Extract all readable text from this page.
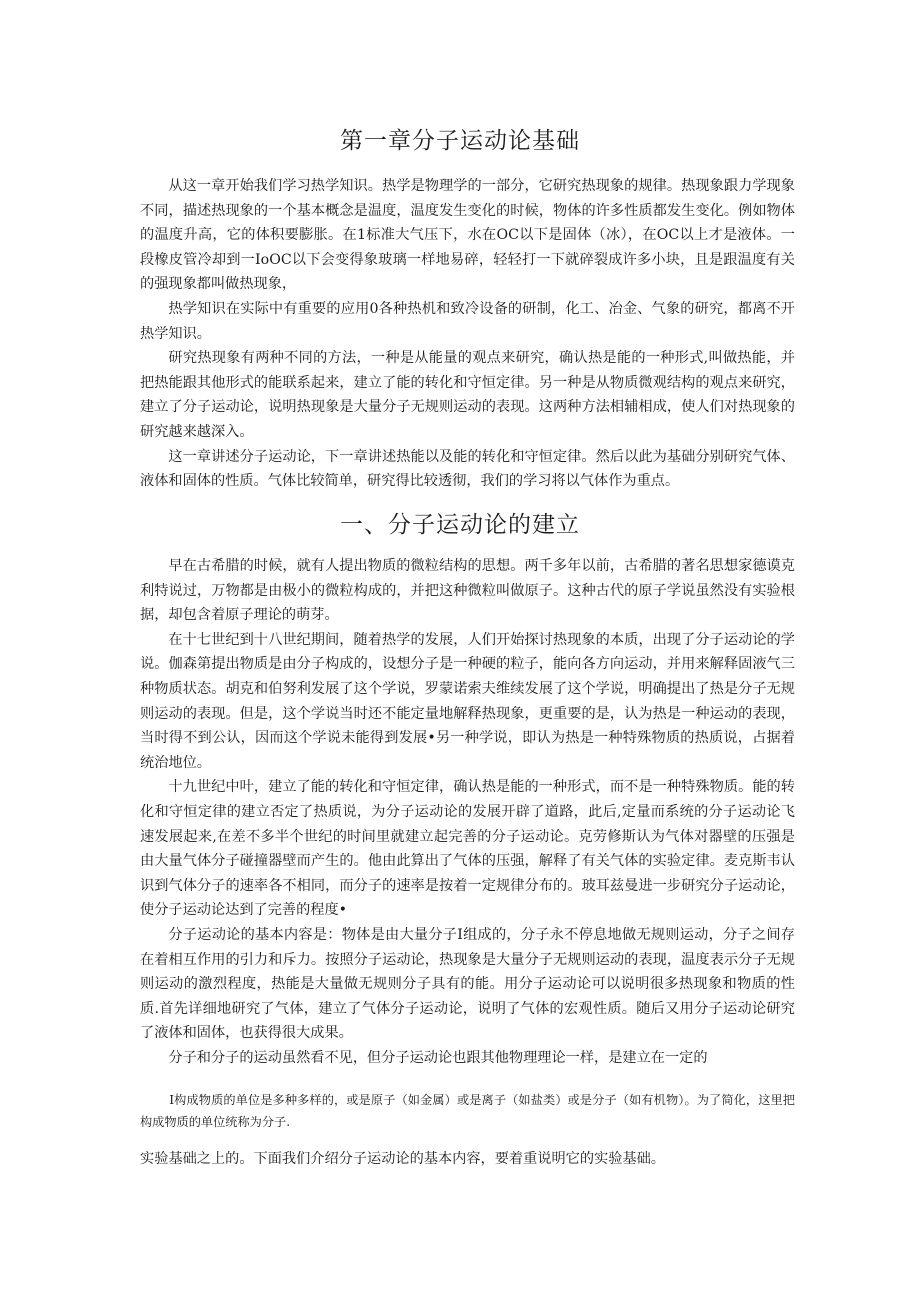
第一章分子运动论基础

从这一章开始我们学习热学知识。热学是物理学的一部分，它研究热现象的规律。热现象跟力学现象不同，描述热现象的一个基本概念是温度，温度发生变化的时候，物体的许多性质都发生变化。例如物体的温度升高，它的体积要膨胀。在1标准大气压下，水在OC以下是固体（冰），在OC以上才是液体。一段橡皮管冷却到一IoOC以下会变得象玻璃一样地易碎，轻轻打一下就碎裂成许多小块，且是跟温度有关的强现象都叫做热现象，

热学知识在实际中有重要的应用0各种热机和致冷设备的研制，化工、冶金、气象的研究，都离不开热学知识。

研究热现象有两种不同的方法，一种是从能量的观点来研究，确认热是能的一种形式,叫做热能，并把热能跟其他形式的能联系起来，建立了能的转化和守恒定律。另一种是从物质微观结构的观点来研究，建立了分子运动论，说明热现象是大量分子无规则运动的表现。这两种方法相辅相成，使人们对热现象的研究越来越深入。

这一章讲述分子运动论，下一章讲述热能以及能的转化和守恒定律。然后以此为基础分别研究气体、液体和固体的性质。气体比较简单，研究得比较透彻，我们的学习将以气体作为重点。

一、分子运动论的建立

早在古希腊的时候，就有人提出物质的微粒结构的思想。两千多年以前，古希腊的著名思想家德谟克利特说过，万物都是由极小的微粒构成的，并把这种微粒叫做原子。这种古代的原子学说虽然没有实验根据，却包含着原子理论的萌芽。

在十七世纪到十八世纪期间，随着热学的发展，人们开始探讨热现象的本质，出现了分子运动论的学说。伽森第提出物质是由分子构成的，设想分子是一种硬的粒子，能向各方向运动，并用来解释固液气三种物质状态。胡克和伯努利发展了这个学说，罗蒙诺索夫维续发展了这个学说，明确提出了热是分子无规则运动的表现。但是，这个学说当时还不能定量地解释热现象，更重要的是，认为热是一种运动的表现，当时得不到公认，因而这个学说未能得到发展•另一种学说，即认为热是一种特殊物质的热质说，占据着统治地位。

十九世纪中叶，建立了能的转化和守恒定律，确认热是能的一种形式，而不是一种特殊物质。能的转化和守恒定律的建立否定了热质说，为分子运动论的发展开辟了道路，此后,定量而系统的分子运动论飞速发展起来,在差不多半个世纪的时间里就建立起完善的分子运动论。克劳修斯认为气体对器壁的压强是由大量气体分子碰撞器壁而产生的。他由此算出了气体的压强，解释了有关气体的实验定律。麦克斯韦认识到气体分子的速率各不相同，而分子的速率是按着一定规律分布的。玻耳兹曼进一步研究分子运动论，使分子运动论达到了完善的程度•

分子运动论的基本内容是：物体是由大量分子I组成的，分子永不停息地做无规则运动，分子之间存在着相互作用的引力和斥力。按照分子运动论，热现象是大量分子无规则运动的表现，温度表示分子无规则运动的激烈程度，热能是大量做无规则分子具有的能。用分子运动论可以说明很多热现象和物质的性质.首先详细地研究了气体，建立了气体分子运动论，说明了气体的宏观性质。随后又用分子运动论研究了液体和固体，也获得很大成果。

分子和分子的运动虽然看不见，但分子运动论也跟其他物理理论一样，是建立在一定的

I构成物质的单位是多种多样的，或是原子（如金属）或是离子（如盐类）或是分子（如有机物）。为了简化，这里把构成物质的单位统称为分子.

实验基础之上的。下面我们介绍分子运动论的基本内容，要着重说明它的实验基础。
